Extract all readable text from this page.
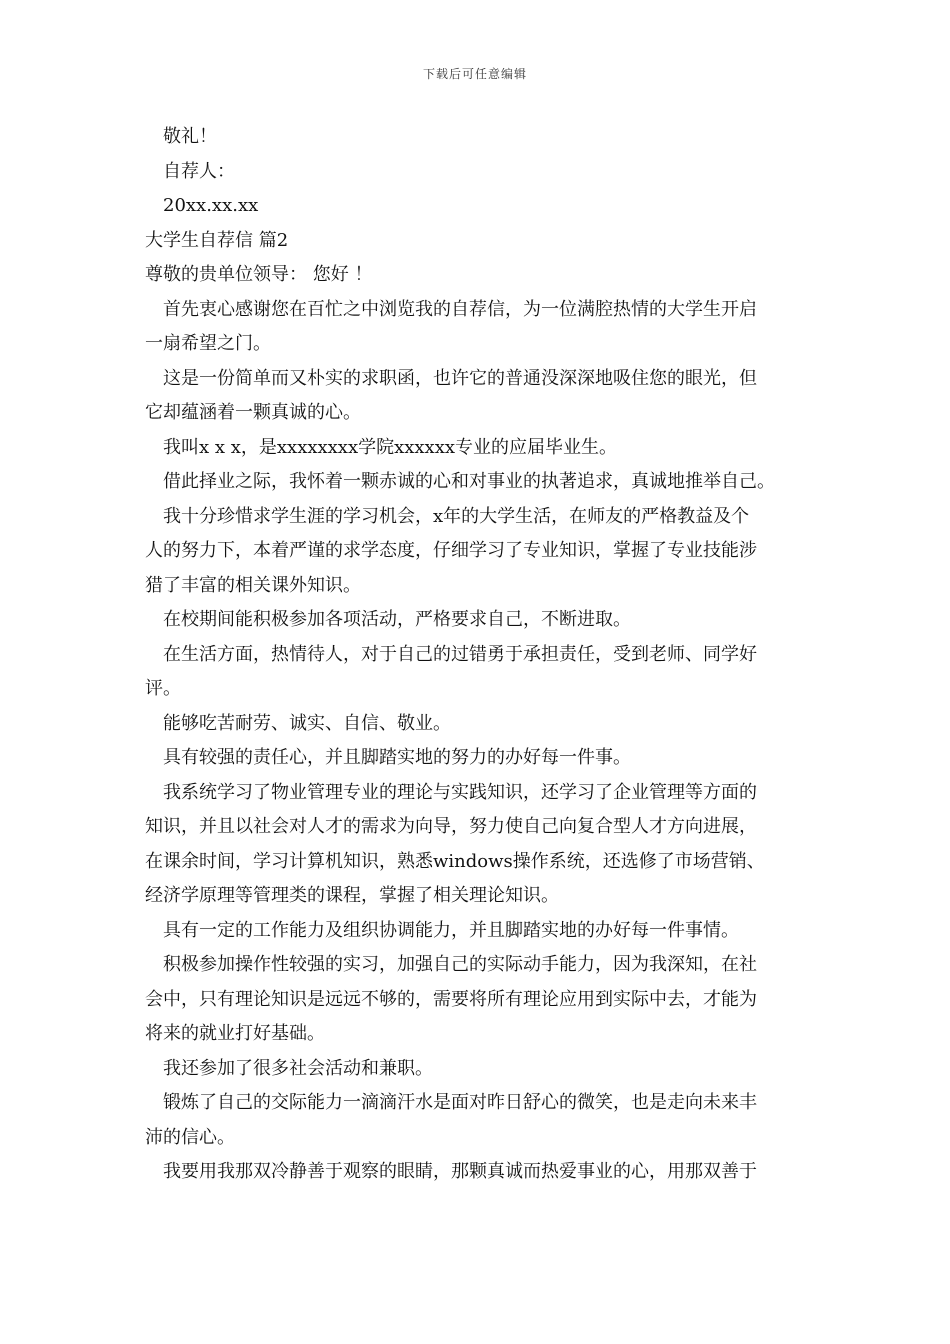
下载后可任意编辑
敬礼！
自荐人：
20xx.xx.xx
大学生自荐信 篇2
尊敬的贵单位领导： 您好 ！
首先衷心感谢您在百忙之中浏览我的自荐信，为一位满腔热情的大学生开启
一扇希望之门。
这是一份简单而又朴实的求职函，也许它的普通没深深地吸住您的眼光，但
它却蕴涵着一颗真诚的心。
我叫x x x，是xxxxxxxx学院xxxxxx专业的应届毕业生。
借此择业之际，我怀着一颗赤诚的心和对事业的执著追求，真诚地推举自己。
我十分珍惜求学生涯的学习机会，x年的大学生活，在师友的严格教益及个
人的努力下，本着严谨的求学态度，仔细学习了专业知识，掌握了专业技能涉
猎了丰富的相关课外知识。
在校期间能积极参加各项活动，严格要求自己，不断进取。
在生活方面，热情待人，对于自己的过错勇于承担责任，受到老师、同学好
评。
能够吃苦耐劳、诚实、自信、敬业。
具有较强的责任心，并且脚踏实地的努力的办好每一件事。
我系统学习了物业管理专业的理论与实践知识，还学习了企业管理等方面的
知识，并且以社会对人才的需求为向导，努力使自己向复合型人才方向进展，
在课余时间，学习计算机知识，熟悉windows操作系统，还选修了市场营销、
经济学原理等管理类的课程，掌握了相关理论知识。
具有一定的工作能力及组织协调能力，并且脚踏实地的办好每一件事情。
积极参加操作性较强的实习，加强自己的实际动手能力，因为我深知，在社
会中，只有理论知识是远远不够的，需要将所有理论应用到实际中去，才能为
将来的就业打好基础。
我还参加了很多社会活动和兼职。
锻炼了自己的交际能力一滴滴汗水是面对昨日舒心的微笑，也是走向未来丰
沛的信心。
我要用我那双冷静善于观察的眼睛，那颗真诚而热爱事业的心，用那双善于
